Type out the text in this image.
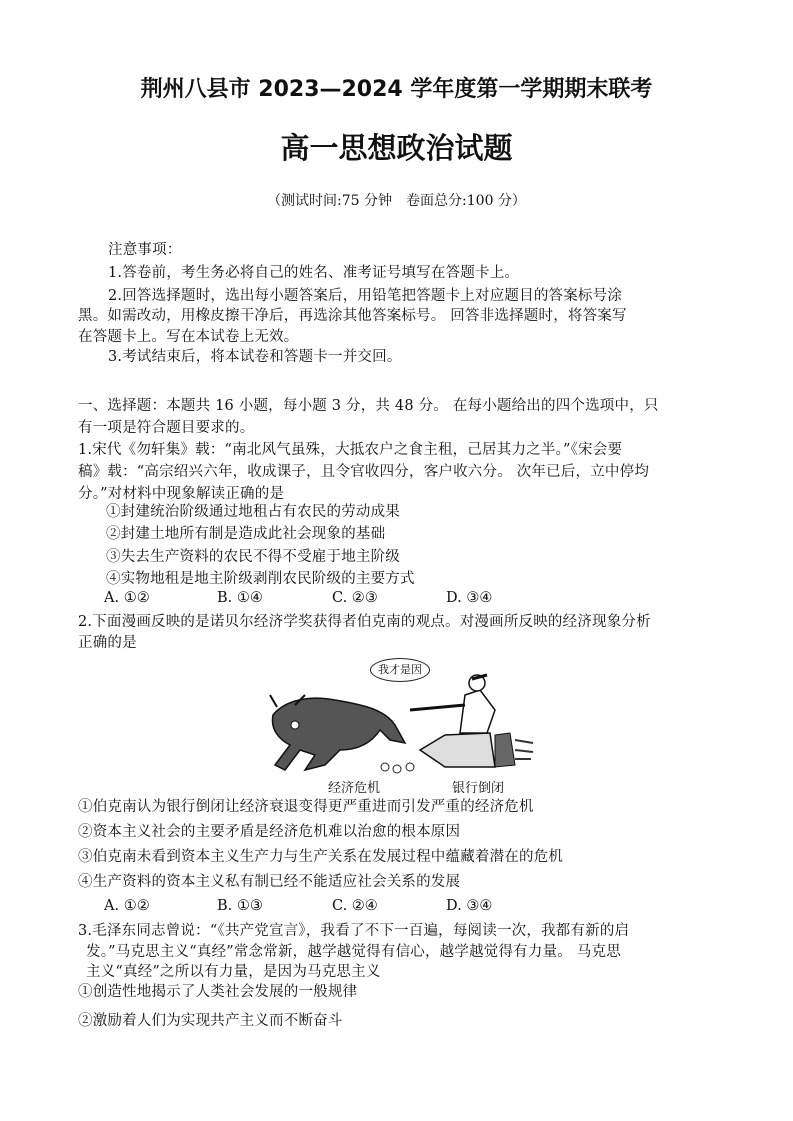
荆州八县市 2023—2024 学年度第一学期期末联考
高一思想政治试题
（测试时间:75 分钟　卷面总分:100 分）
注意事项：
1.答卷前，考生务必将自己的姓名、准考证号填写在答题卡上。
2.回答选择题时，选出每小题答案后，用铅笔把答题卡上对应题目的答案标号涂
黑。如需改动，用橡皮擦干净后，再选涂其他答案标号。 回答非选择题时，将答案写
在答题卡上。写在本试卷上无效。
3.考试结束后，将本试卷和答题卡一并交回。
一、选择题：本题共 16 小题，每小题 3 分，共 48 分。 在每小题给出的四个选项中，只
有一项是符合题目要求的。
1.宋代《勿轩集》载：“南北风气虽殊，大抵农户之食主租，己居其力之半。”《宋会要
稿》载：“高宗绍兴六年，收成课子，且令官收四分，客户收六分。 次年已后，立中停均
分。”对材料中现象解读正确的是
①封建统治阶级通过地租占有农民的劳动成果
②封建土地所有制是造成此社会现象的基础
③失去生产资料的农民不得不受雇于地主阶级
④实物地租是地主阶级剥削农民阶级的主要方式
A. ①②	B. ①④	C. ②③	D. ③④
2.下面漫画反映的是诺贝尔经济学奖获得者伯克南的观点。对漫画所反映的经济现象分析
正确的是
我才是因
经济危机	银行倒闭
①伯克南认为银行倒闭让经济衰退变得更严重进而引发严重的经济危机
②资本主义社会的主要矛盾是经济危机难以治愈的根本原因
③伯克南未看到资本主义生产力与生产关系在发展过程中蕴藏着潜在的危机
④生产资料的资本主义私有制已经不能适应社会关系的发展
A. ①②	B. ①③	C. ②④	D. ③④
3.毛泽东同志曾说：“《共产党宣言》，我看了不下一百遍，每阅读一次，我都有新的启
发。”马克思主义“真经”常念常新，越学越觉得有信心，越学越觉得有力量。 马克思
主义“真经”之所以有力量，是因为马克思主义
①创造性地揭示了人类社会发展的一般规律
②激励着人们为实现共产主义而不断奋斗
